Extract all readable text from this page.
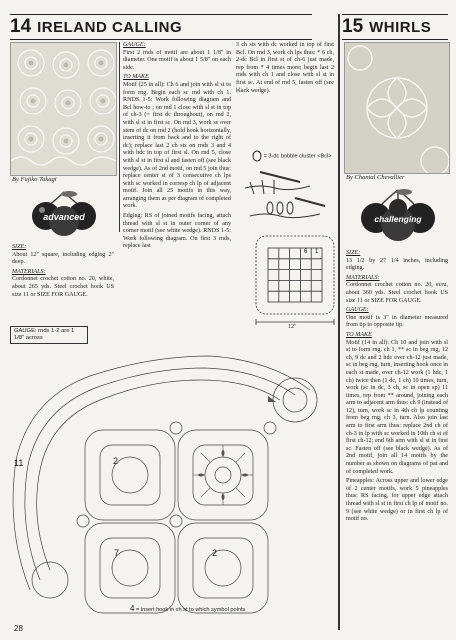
14 IRELAND CALLING	15 WHIRLS
By Fujiko Takagi
advanced

SIZE:
About 12" square, including edging 2" deep.

MATERIALS:
Cordonnet crochet cotton no. 20, white, about 265 yds. Steel crochet hook US size 11 or SIZE FOR GAUGE.

GAUGE:
First 2 rnds of motif are about 1 1/8" in diameter. One motif is about 1 5/8" on each side.

TO MAKE
Motif (25 in all): Ch 6 and join with sl st to form rng. Begin each sc rnd with ch 1. RNDS 1-5: Work following diagram and Bcl how-to ; on rnd 1 close with sl st in top of ch-3 (= first dc throughout), on rnd 2, with sl st in first sc. On rnd 3, work sc over stem of dc on rnd 2 (hold hook horizontally, inserting it from back and to the right of dc); replace last 2 ch sts on rnds 3 and 4 with hdc in top of first sl. On rnd 5, close with sl st in first sl and fasten off (see black wedge). As of 2nd motif, on rnd 5 join thus: replace center st of 3 consecutive ch lps with sc worked in corresp ch lp of adjacent motif. Join all 25 motifs in this way, arranging them as per diagram of completed work.

Edging: RS of joined motifs facing, attach thread with sl st in outer corner of any corner motif (see white wedge). RNDS 1-5: Work following diagram. On first 3 rnds, replace last

3 ch sts with dc worked in top of first Bcl. On rnd 3, work ch lps thus: * 6 ch, 2-dc Bcl in first st of ch-6 just made, rep from * 4 times more; begin last 2 rnds with ch 1 and close with sl st in first sc. At end of rnd 5, fasten off (see black wedge).

= 3-dc bobble cluster <Bcl>
6 1
12"
GAUGE: rnds 1-2 are 1 1/8" across
11
7	2
2
4 = insert hook in ch st to which symbol points
By Chantal Chevallier
challenging

SIZE:
13 1/2 by 27 1/4 inches, including edging.

MATERIALS:
Cordonnet crochet cotton no. 20, ecru, about 360 yds. Steel crochet hook US size 11 or SIZE FOR GAUGE.

GAUGE:
One motif is 3" in diameter measured from tip to opposite tip.

TO MAKE
Motif (14 in all): Ch 10 and join with sl st to form rng. ch 1, ** sc in beg rng, 12 ch, 9 dc and 2 hdc over ch-12 just made, sc in beg rng, turn, inserting hook once in each st made, over ch-12 work (1 hdc, 1 ch) twice then (1 dc, 1 ch) 10 times, turn, work (sc in dc, 3 ch, sc in open sp) 11 times, rep from ** around, joining each arm to adjacent arm thus: ch 9 (instead of 12), turn, work sc in 4th ch lp counting from beg rng, ch 3, turn. Also join last arm to first arm thus: replace 2nd ch of ch-3 in lp with sc worked in 10th ch st of first ch-12; end 6th arm with sl st in first sc. Fasten off (see black wedge). As of 2nd motif, join all 14 motifs by the number as shown on diagrams of pat and of completed work.

Pineapples: Across upper and lower edge of 2 center motifs, work 5 pineapples thus: RS facing, for upper edge attach thread with sl st in first ch lp of motif no. 9 (see white wedge) or in first ch lp of motif no.

28
